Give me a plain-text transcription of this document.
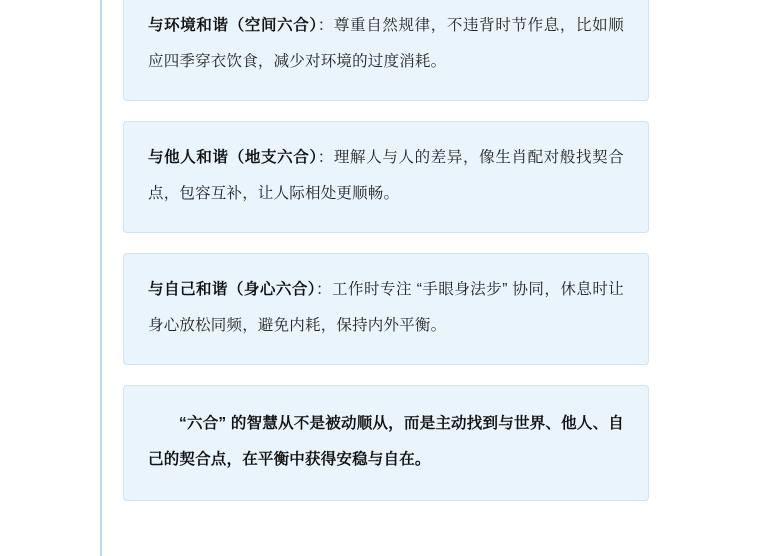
与环境和谐（空间六合）：尊重自然规律，不违背时节作息，比如顺应四季穿衣饮食，减少对环境的过度消耗。

与他人和谐（地支六合）：理解人与人的差异，像生肖配对般找契合点，包容互补，让人际相处更顺畅。

与自己和谐（身心六合）：工作时专注 “手眼身法步” 协同，休息时让身心放松同频，避免内耗，保持内外平衡。

“六合” 的智慧从不是被动顺从，而是主动找到与世界、他人、自己的契合点，在平衡中获得安稳与自在。
